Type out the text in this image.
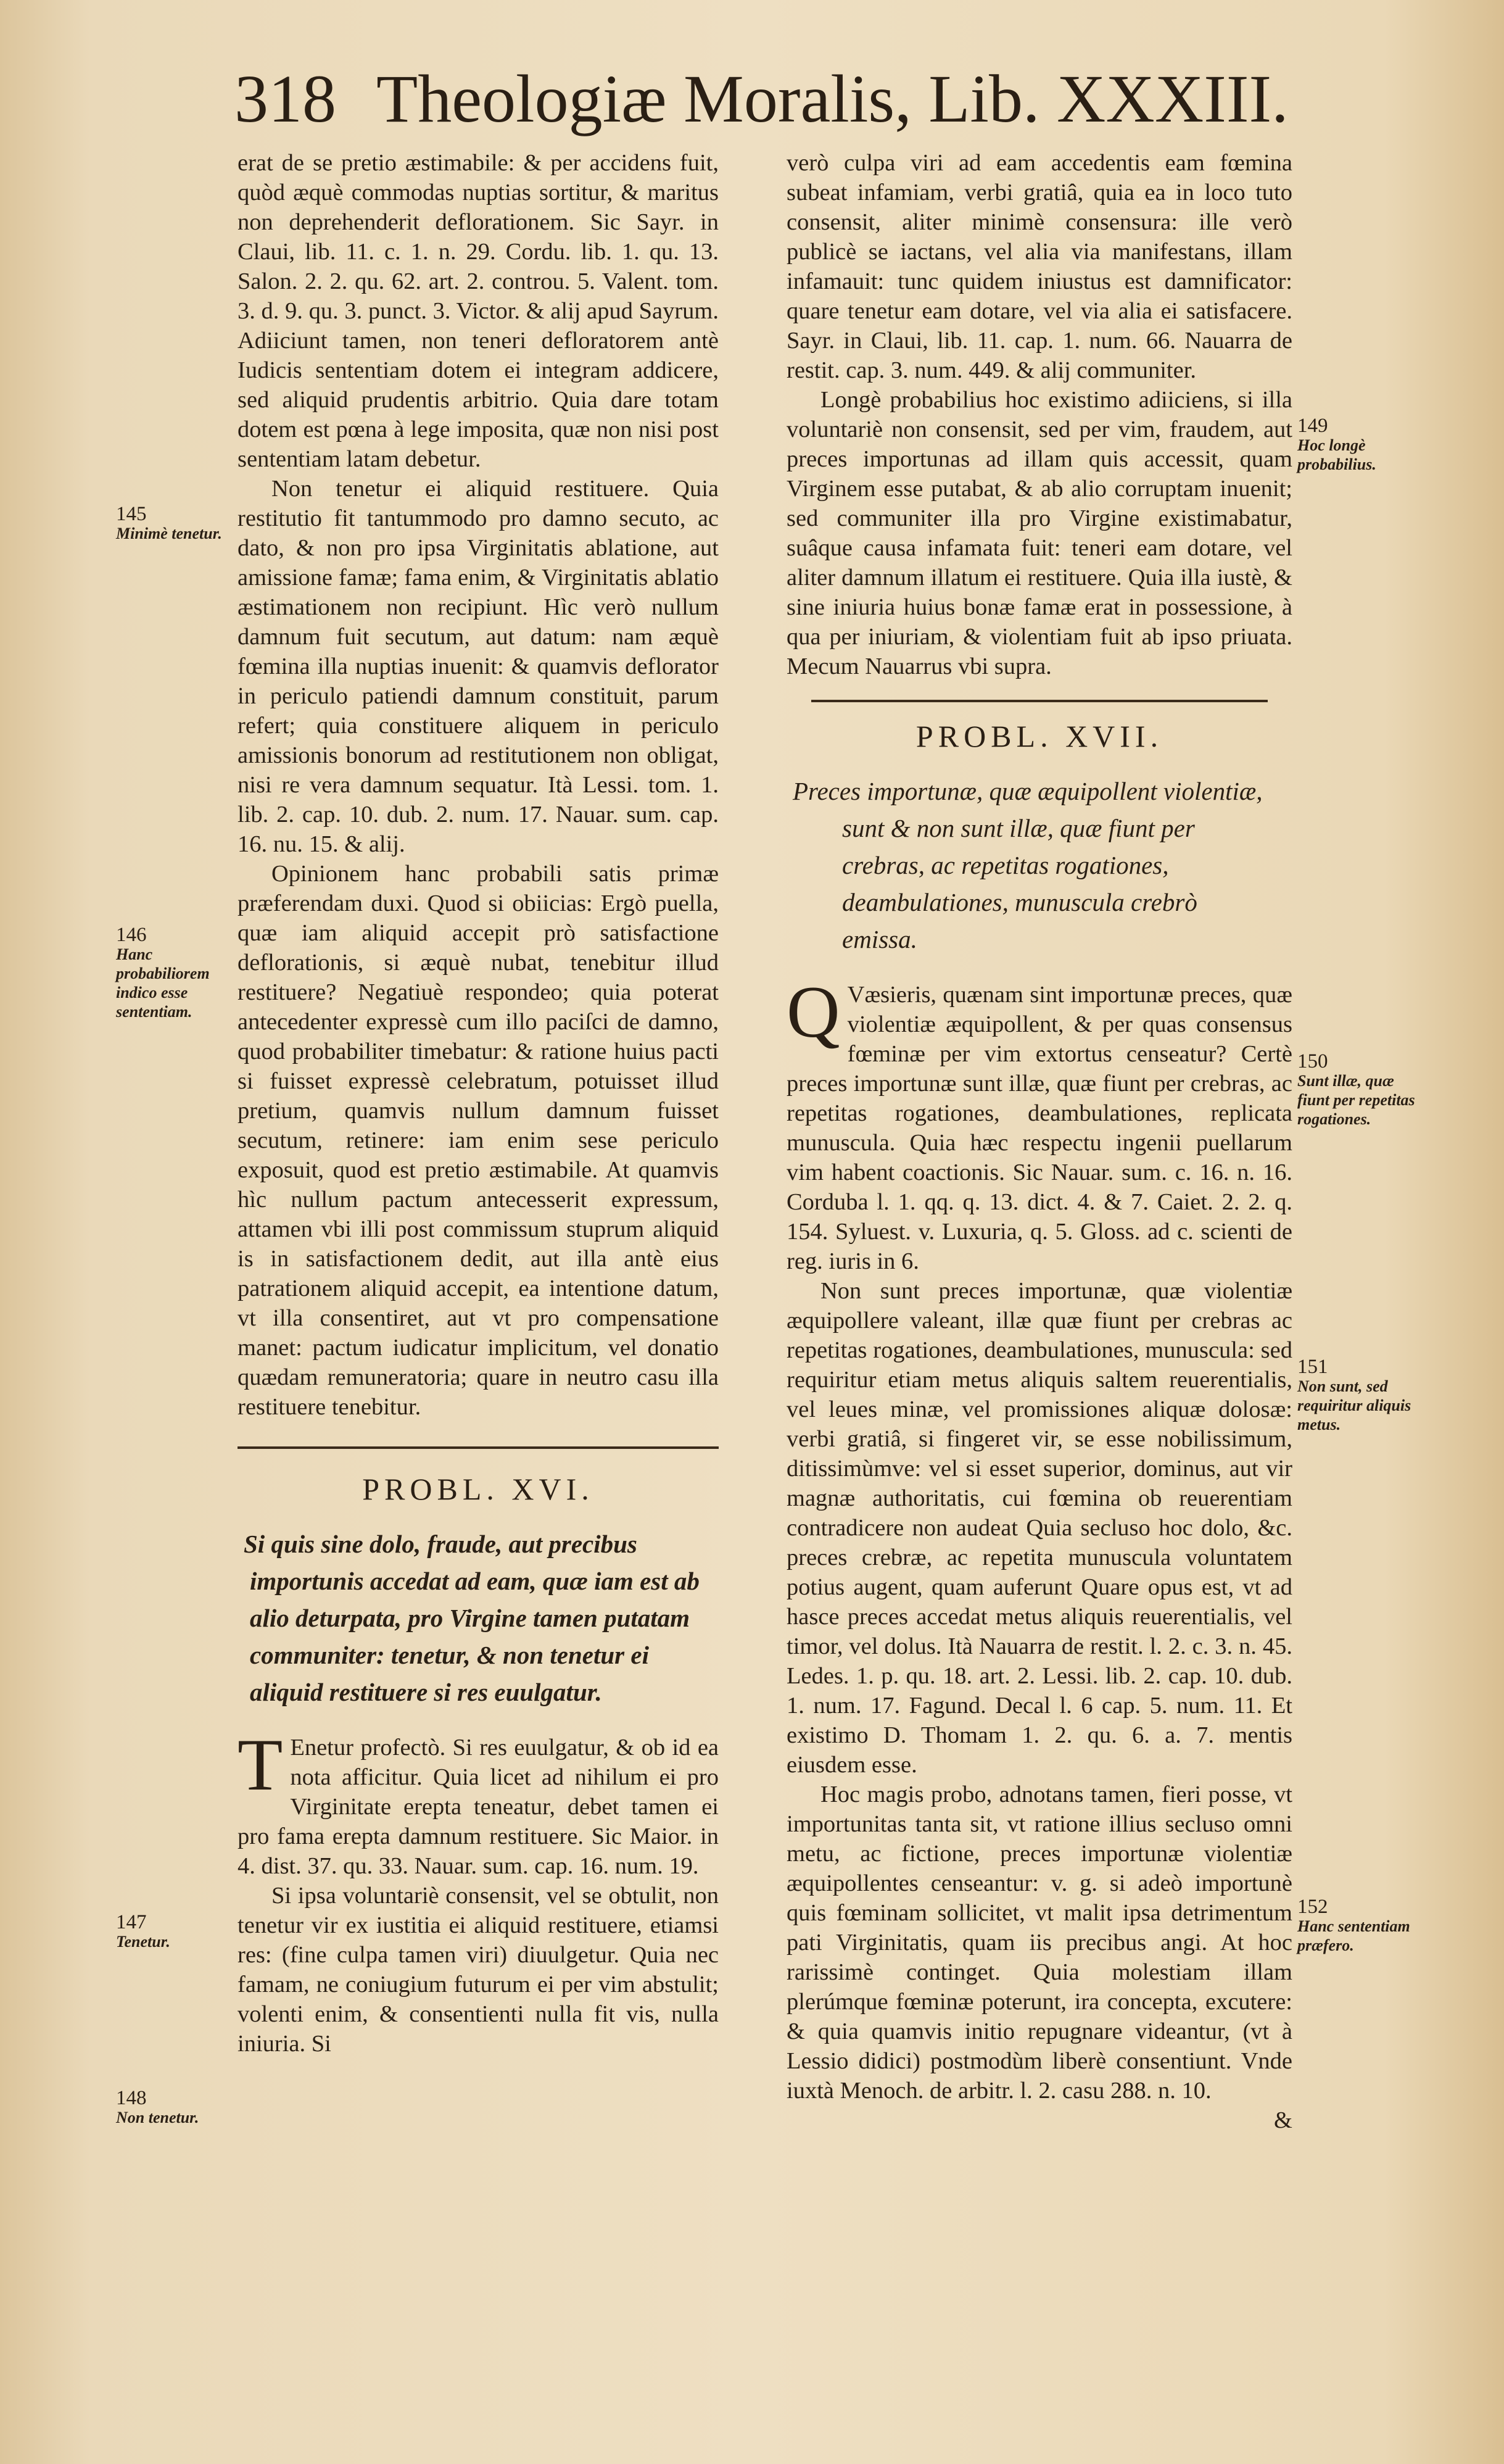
318 Theologiæ Moralis, Lib. XXXIII.

erat de se pretio æstimabile: & per accidens fuit, quòd æquè commodas nuptias sortitur, & maritus non deprehenderit deflorationem. Sic Sayr. in Claui, lib. 11. c. 1. n. 29. Cordu. lib. 1. qu. 13. Salon. 2. 2. qu. 62. art. 2. controu. 5. Valent. tom. 3. d. 9. qu. 3. punct. 3. Victor. & alij apud Sayrum. Adiiciunt tamen, non teneri defloratorem antè Iudicis sententiam dotem ei integram addicere, sed aliquid prudentis arbitrio. Quia dare totam dotem est pœna à lege imposita, quæ non nisi post sententiam latam debetur.

Non tenetur ei aliquid restituere. Quia restitutio fit tantummodo pro damno secuto, ac dato, & non pro ipsa Virginitatis ablatione, aut amissione famæ; fama enim, & Virginitatis ablatio æstimationem non recipiunt. Hìc verò nullum damnum fuit secutum, aut datum: nam æquè fœmina illa nuptias inuenit: & quamvis deflorator in periculo patiendi damnum constituit, parum refert; quia constituere aliquem in periculo amissionis bonorum ad restitutionem non obligat, nisi re vera damnum sequatur. Ità Lessi. tom. 1. lib. 2. cap. 10. dub. 2. num. 17. Nauar. sum. cap. 16. nu. 15. & alij.

Opinionem hanc probabili satis primæ præferendam duxi. Quod si obiicias: Ergò puella, quæ iam aliquid accepit prò satisfactione deflorationis, si æquè nubat, tenebitur illud restituere? Negatiuè respondeo; quia poterat antecedenter expressè cum illo paciſci de damno, quod probabiliter timebatur: & ratione huius pacti si fuisset expressè celebratum, potuisset illud pretium, quamvis nullum damnum fuisset secutum, retinere: iam enim sese periculo exposuit, quod est pretio æstimabile. At quamvis hìc nullum pactum antecesserit expressum, attamen vbi illi post commissum stuprum aliquid is in satisfactionem dedit, aut illa antè eius patrationem aliquid accepit, ea intentione datum, vt illa consentiret, aut vt pro compensatione manet: pactum iudicatur implicitum, vel donatio quædam remuneratoria; quare in neutro casu illa restituere tenebitur.

PROBL. XVI.
Si quis sine dolo, fraude, aut precibus importunis accedat ad eam, quæ iam est ab alio deturpata, pro Virgine tamen putatam communiter: tenetur, & non tenetur ei aliquid restituere si res euulgatur.

T Enetur profectò. Si res euulgatur, & ob id ea nota afficitur. Quia licet ad nihilum ei pro Virginitate erepta teneatur, debet tamen ei pro fama erepta damnum restituere. Sic Maior. in 4. dist. 37. qu. 33. Nauar. sum. cap. 16. num. 19.

Si ipsa voluntariè consensit, vel se obtulit, non tenetur vir ex iustitia ei aliquid restituere, etiamsi res: (fine culpa tamen viri) diuulgetur. Quia nec famam, ne coniugium futurum ei per vim abstulit; volenti enim, & consentienti nulla fit vis, nulla iniuria. Si

verò culpa viri ad eam accedentis eam fœmina subeat infamiam, verbi gratiâ, quia ea in loco tuto consensit, aliter minimè consensura: ille verò publicè se iactans, vel alia via manifestans, illam infamauit: tunc quidem iniustus est damnificator: quare tenetur eam dotare, vel via alia ei satisfacere. Sayr. in Claui, lib. 11. cap. 1. num. 66. Nauarra de restit. cap. 3. num. 449. & alij communiter.

Longè probabilius hoc existimo adiiciens, si illa voluntariè non consensit, sed per vim, fraudem, aut preces importunas ad illam quis accessit, quam Virginem esse putabat, & ab alio corruptam inuenit; sed communiter illa pro Virgine existimabatur, suâque causa infamata fuit: teneri eam dotare, vel aliter damnum illatum ei restituere. Quia illa iustè, & sine iniuria huius bonæ famæ erat in possessione, à qua per iniuriam, & violentiam fuit ab ipso priuata. Mecum Nauarrus vbi supra.

PROBL. XVII.
Preces importunæ, quæ æquipollent violentiæ, sunt & non sunt illæ, quæ fiunt per crebras, ac repetitas rogationes, deambulationes, munuscula crebrò emissa.

Q Væsieris, quænam sint importunæ preces, quæ violentiæ æquipollent, & per quas consensus fœminæ per vim extortus censeatur? Certè preces importunæ sunt illæ, quæ fiunt per crebras, ac repetitas rogationes, deambulationes, replicata munuscula. Quia hæc respectu ingenii puellarum vim habent coactionis. Sic Nauar. sum. c. 16. n. 16. Corduba l. 1. qq. q. 13. dict. 4. & 7. Caiet. 2. 2. q. 154. Syluest. v. Luxuria, q. 5. Gloss. ad c. scienti de reg. iuris in 6.

Non sunt preces importunæ, quæ violentiæ æquipollere valeant, illæ quæ fiunt per crebras ac repetitas rogationes, deambulationes, munuscula: sed requiritur etiam metus aliquis saltem reuerentialis, vel leues minæ, vel promissiones aliquæ dolosæ: verbi gratiâ, si fingeret vir, se esse nobilissimum, ditissimùmve: vel si esset superior, dominus, aut vir magnæ authoritatis, cui fœmina ob reuerentiam contradicere non audeat Quia secluso hoc dolo, &c. preces crebræ, ac repetita munuscula voluntatem potius augent, quam auferunt Quare opus est, vt ad hasce preces accedat metus aliquis reuerentialis, vel timor, vel dolus. Ità Nauarra de restit. l. 2. c. 3. n. 45. Ledes. 1. p. qu. 18. art. 2. Lessi. lib. 2. cap. 10. dub. 1. num. 17. Fagund. Decal l. 6 cap. 5. num. 11. Et existimo D. Thomam 1. 2. qu. 6. a. 7. mentis eiusdem esse.

Hoc magis probo, adnotans tamen, fieri posse, vt importunitas tanta sit, vt ratione illius secluso omni metu, ac fictione, preces importunæ violentiæ æquipollentes censeantur: v. g. si adeò importunè quis fœminam sollicitet, vt malit ipsa detrimentum pati Virginitatis, quam iis precibus angi. At hoc rarissimè continget. Quia molestiam illam plerúmque fœminæ poterunt, ira concepta, excutere: & quia quamvis initio repugnare videantur, (vt à Lessio didici) postmodùm liberè consentiunt. Vnde iuxtà Menoch. de arbitr. l. 2. casu 288. n. 10.

&

145
Minimè tenetur.
146
Hanc probabiliorem indico esse sententiam.
147
Tenetur.
148
Non tenetur.
149
Hoc longè probabilius.
150
Sunt illæ, quæ fiunt per repetitas rogationes.
151
Non sunt, sed requiritur aliquis metus.
152
Hanc sententiam præfero.
